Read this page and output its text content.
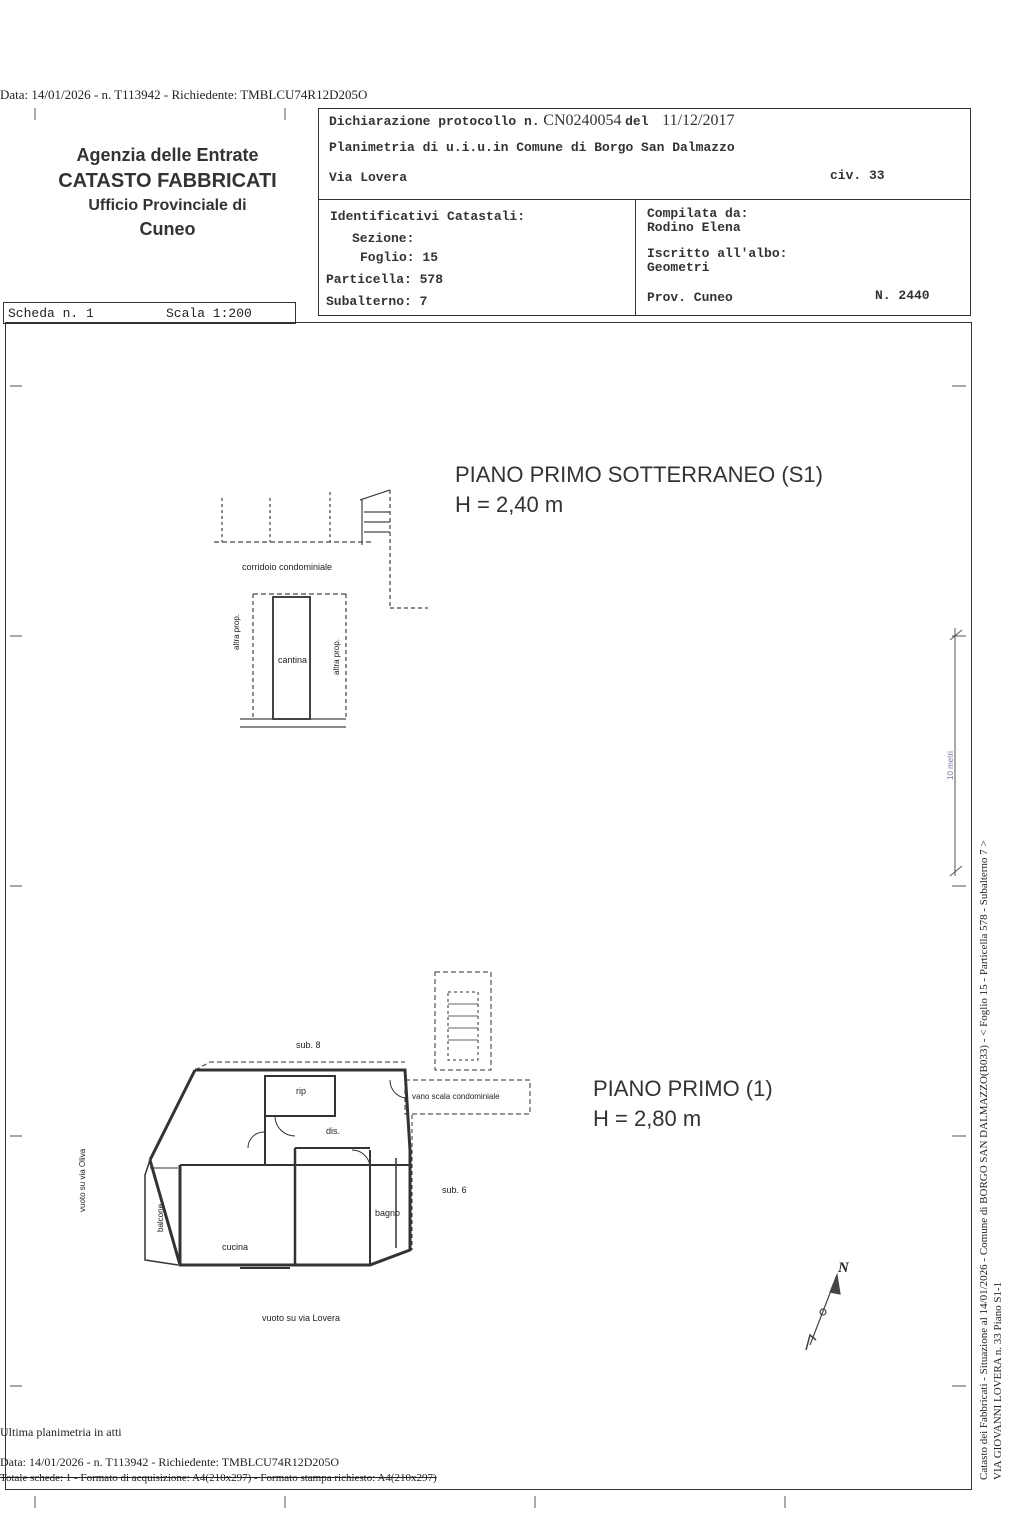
Data: 14/01/2026 - n. T113942 - Richiedente: TMBLCU74R12D205O
Agenzia delle Entrate
CATASTO FABBRICATI
Ufficio Provinciale di
Cuneo
Scheda n. 1	Scala 1:200
Dichiarazione protocollo n. CN0240054 del 11/12/2017
Planimetria di u.i.u.in Comune di Borgo San Dalmazzo
Via Lovera	civ. 33
Identificativi Catastali:
Sezione:
Foglio: 15
Particella: 578
Subalterno: 7
Compilata da:
Rodino Elena
Iscritto all'albo:
Geometri
Prov. Cuneo	N. 2440
PIANO PRIMO SOTTERRANEO (S1)
H = 2,40 m
PIANO PRIMO (1)
H = 2,80 m
corridoio condominiale
cantina
altra prop.
altra prop.
sub. 8
rip
vano scala condominiale
dis.
sub. 6
bagno
cucina
balcone
vuoto su via Oliva
vuoto su via Lovera
10 metri
N	Catasto dei Fabbricati - Situazione al 14/01/2026 - Comune di BORGO SAN DALMAZZO(B033) - < Foglio 15 - Particella 578 - Subalterno 7 > VIA GIOVANNI LOVERA n. 33 Piano S1-1
Ultima planimetria in atti
Data: 14/01/2026 - n. T113942 - Richiedente: TMBLCU74R12D205O
Totale schede: 1 - Formato di acquisizione: A4(210x297) - Formato stampa richiesto: A4(210x297)
